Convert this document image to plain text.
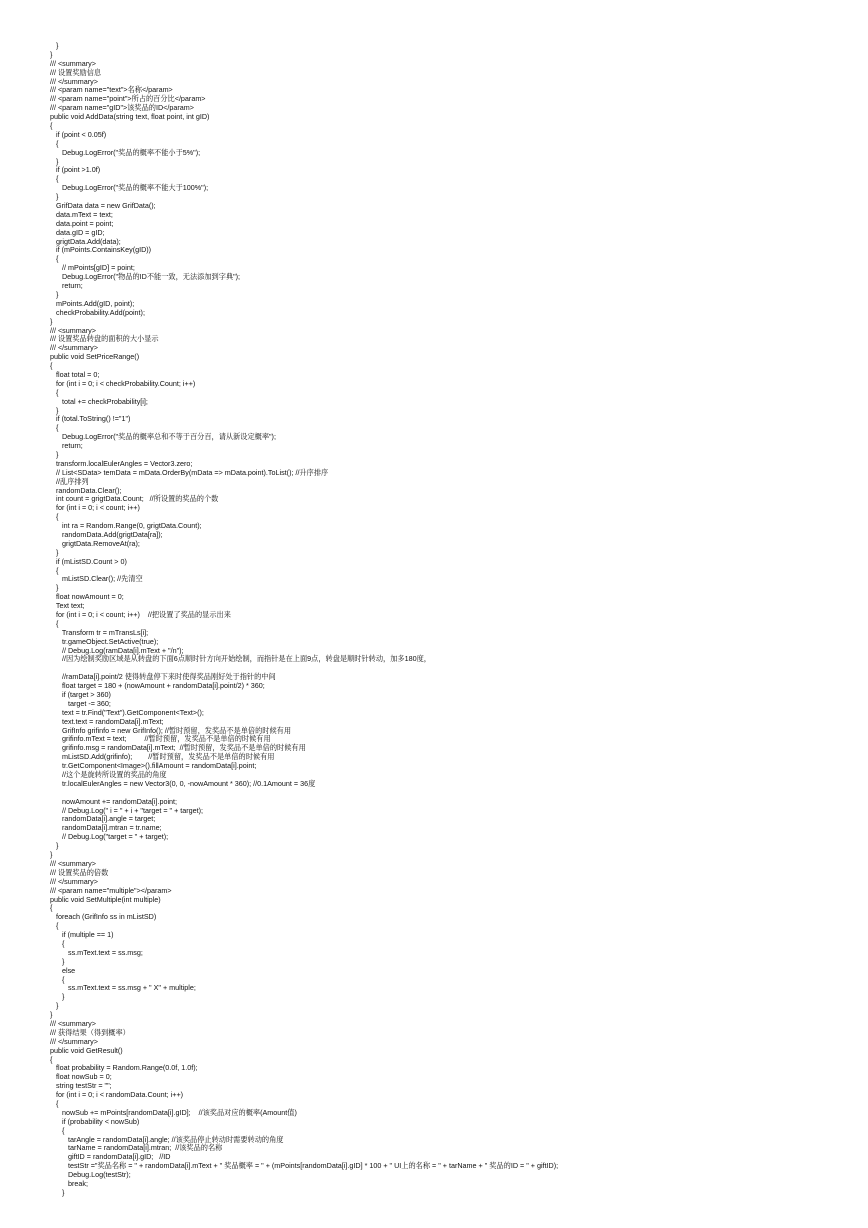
}
}
/// <summary>
/// 设置奖励信息
/// </summary>
/// <param name="text">名称</param>
/// <param name="point">所占的百分比</param>
/// <param name="gID">该奖品的ID</param>
public void AddData(string text, float point, int gID)
{
if (point < 0.05f)
{
Debug.LogError("奖品的概率不能小于5%");
}
if (point >1.0f)
{
Debug.LogError("奖品的概率不能大于100%");
}
GrifData data = new GrifData();
data.mText = text;
data.point = point;
data.gID = gID;
grigtData.Add(data);
if (mPoints.ContainsKey(gID))
{
// mPoints[gID] = point;
Debug.LogError("物品的ID不能一致，无法添加到字典");
return;
}
mPoints.Add(gID, point);
checkProbability.Add(point);
}
/// <summary>
/// 设置奖品转盘的面积的大小显示
/// </summary>
public void SetPriceRange()
{
float total = 0;
for (int i = 0; i < checkProbability.Count; i++)
{
total += checkProbability[i];
}
if (total.ToString() !="1")
{
Debug.LogError("奖品的概率总和不等于百分百，请从新设定概率");
return;
}
transform.localEulerAngles = Vector3.zero;
// List<SData> temData = mData.OrderBy(mData => mData.point).ToList(); //升序排序
//乱序排列
randomData.Clear();
int count = grigtData.Count;   //所设置的奖品的个数
for (int i = 0; i < count; i++)
{
int ra = Random.Range(0, grigtData.Count);
randomData.Add(grigtData[ra]);
grigtData.RemoveAt(ra);
}
if (mListSD.Count > 0)
{
mListSD.Clear(); //先清空
}
float nowAmount = 0;
Text text;
for (int i = 0; i < count; i++)    //把设置了奖品的显示出来
{
Transform tr = mTransLs[i];
tr.gameObject.SetActive(true);
// Debug.Log(ramData[i].mText + "/n");
//因为绘制奖励区域是从转盘的下面6点顺时针方向开始绘制，而指针是在上面9点，转盘是顺时针转动，加多180度，
//ramData[i].point/2 使得转盘停下来时使得奖品刚好处于指针的中间
float target = 180 + (nowAmount + randomData[i].point/2) * 360;
if (target > 360)
target -= 360;
text = tr.Find("Text").GetComponent<Text>();
text.text = randomData[i].mText;
GrifInfo grifinfo = new GrifInfo(); //暂时预留，发奖品不是单倍的时候有用
grifinfo.mText = text;         //暂时预留，发奖品不是单倍的时候有用
grifinfo.msg = randomData[i].mText;  //暂时预留，发奖品不是单倍的时候有用
mListSD.Add(grifinfo);        //暂时预留，发奖品不是单倍的时候有用
tr.GetComponent<Image>().fillAmount = randomData[i].point;
//这个是旋转所设置的奖品的角度
tr.localEulerAngles = new Vector3(0, 0, -nowAmount * 360); //0.1Amount = 36度
nowAmount += randomData[i].point;
// Debug.Log(" i = " + i + "target = " + target);
randomData[i].angle = target;
randomData[i].mtran = tr.name;
// Debug.Log("target = " + target);
}
}
/// <summary>
/// 设置奖品的倍数
/// </summary>
/// <param name="multiple"></param>
public void SetMultiple(int multiple)
{
foreach (GrifInfo ss in mListSD)
{
if (multiple == 1)
{
ss.mText.text = ss.msg;
}
else
{
ss.mText.text = ss.msg + " X" + multiple;
}
}
}
/// <summary>
/// 获得结果（得到概率）
/// </summary>
public void GetResult()
{
float probability = Random.Range(0.0f, 1.0f);
float nowSub = 0;
string testStr = "";
for (int i = 0; i < randomData.Count; i++)
{
nowSub += mPoints[randomData[i].gID];    //该奖品对应的概率(Amount值)
if (probability < nowSub)
{
tarAngle = randomData[i].angle; //该奖品停止转动时需要转动的角度
tarName = randomData[i].mtran;  //该奖品的名称
giftID = randomData[i].gID;   //ID
testStr ="奖品名称 = " + randomData[i].mText + " 奖品概率 = " + (mPoints[randomData[i].gID] * 100 + " UI上的名称 = " + tarName + " 奖品的ID = " + giftID);
Debug.Log(testStr);
break;
}
